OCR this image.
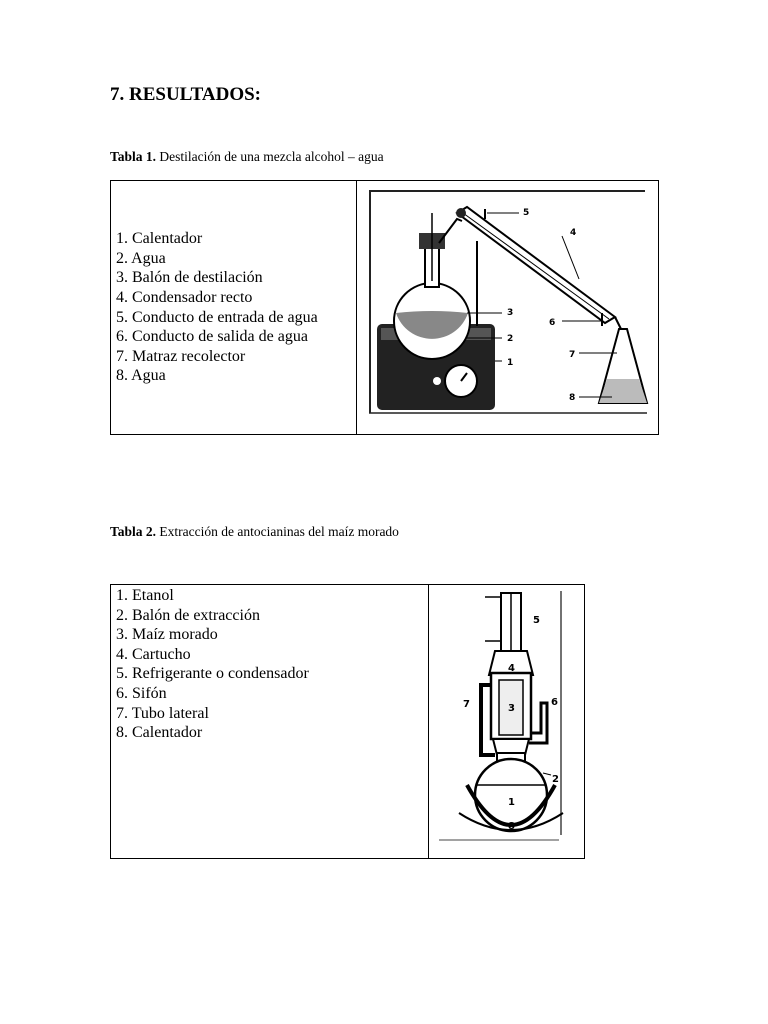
7. RESULTADOS:

Tabla 1. Destilación de una mezcla alcohol – agua

1. Calentador
2. Agua
3. Balón de destilación
4. Condensador recto
5. Conducto de entrada de agua
6. Conducto de salida de agua
7. Matraz recolector
8. Agua

1
2
3
4
5
6
7
8

Tabla 2. Extracción de antocianinas del maíz morado

1. Etanol
2. Balón de extracción
3. Maíz morado
4. Cartucho
5. Refrigerante o condensador
6. Sifón
7. Tubo lateral
8. Calentador

1
2
3
4
5
6
7
8
